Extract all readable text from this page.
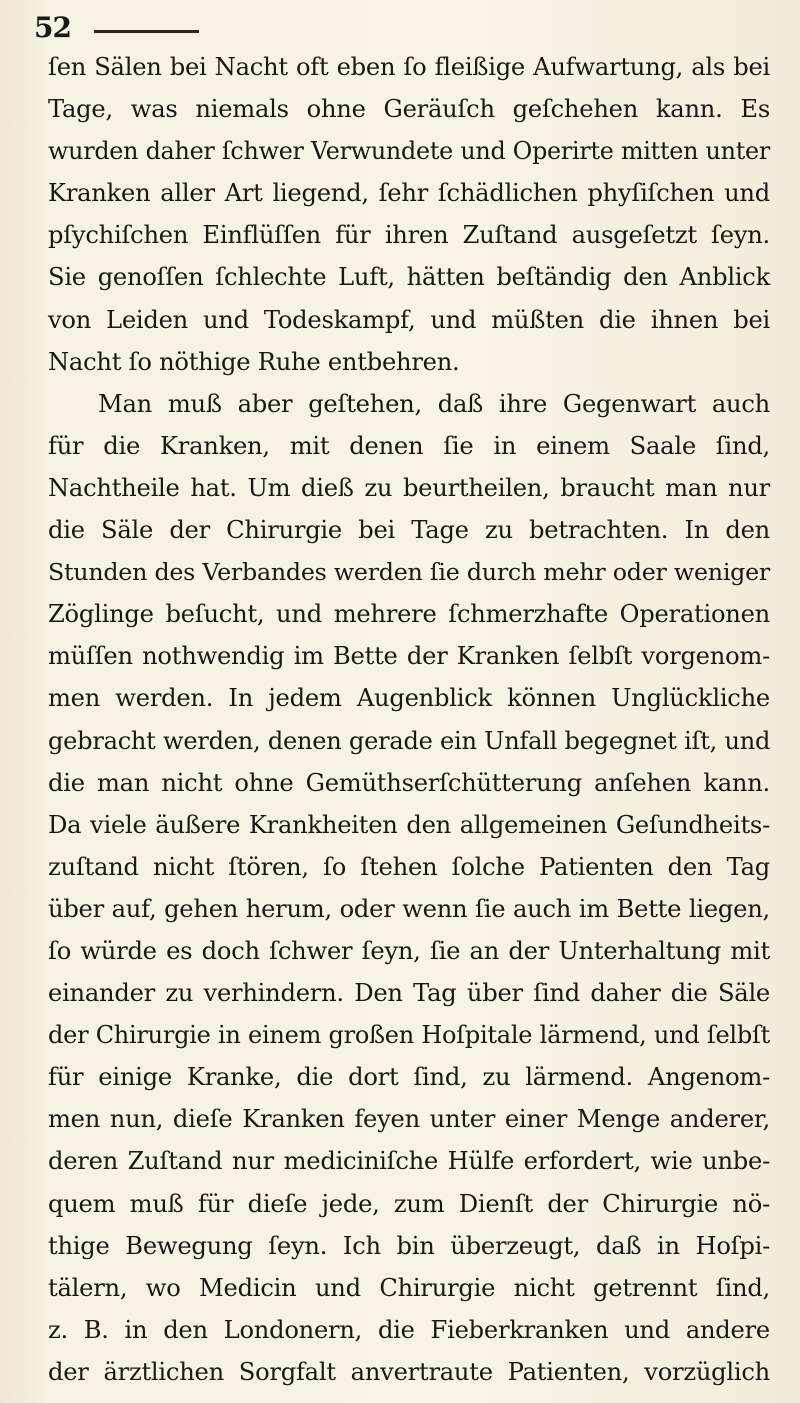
52
ſen Sälen bei Nacht oft eben ſo fleißige Aufwartung, als bei
Tage, was niemals ohne Geräuſch geſchehen kann. Es
wurden daher ſchwer Verwundete und Operirte mitten unter
Kranken aller Art liegend, ſehr ſchädlichen phyſiſchen und
pſychiſchen Einflüſſen für ihren Zuſtand ausgeſetzt ſeyn.
Sie genoſſen ſchlechte Luft, hätten beſtändig den Anblick
von Leiden und Todeskampf, und müßten die ihnen bei
Nacht ſo nöthige Ruhe entbehren.
Man muß aber geſtehen, daß ihre Gegenwart auch
für die Kranken, mit denen ſie in einem Saale ſind,
Nachtheile hat. Um dieß zu beurtheilen, braucht man nur
die Säle der Chirurgie bei Tage zu betrachten. In den
Stunden des Verbandes werden ſie durch mehr oder weniger
Zöglinge beſucht, und mehrere ſchmerzhafte Operationen
müſſen nothwendig im Bette der Kranken ſelbſt vorgenom-
men werden. In jedem Augenblick können Unglückliche
gebracht werden, denen gerade ein Unfall begegnet iſt, und
die man nicht ohne Gemüthserſchütterung anſehen kann.
Da viele äußere Krankheiten den allgemeinen Geſundheits-
zuſtand nicht ſtören, ſo ſtehen ſolche Patienten den Tag
über auf, gehen herum, oder wenn ſie auch im Bette liegen,
ſo würde es doch ſchwer ſeyn, ſie an der Unterhaltung mit
einander zu verhindern. Den Tag über ſind daher die Säle
der Chirurgie in einem großen Hoſpitale lärmend, und ſelbſt
für einige Kranke, die dort ſind, zu lärmend. Angenom-
men nun, dieſe Kranken feyen unter einer Menge anderer,
deren Zuſtand nur mediciniſche Hülfe erfordert, wie unbe-
quem muß für dieſe jede, zum Dienſt der Chirurgie nö-
thige Bewegung ſeyn. Ich bin überzeugt, daß in Hoſpi-
tälern, wo Medicin und Chirurgie nicht getrennt ſind,
z. B. in den Londonern, die Fieberkranken und andere
der ärztlichen Sorgfalt anvertraute Patienten, vorzüglich
